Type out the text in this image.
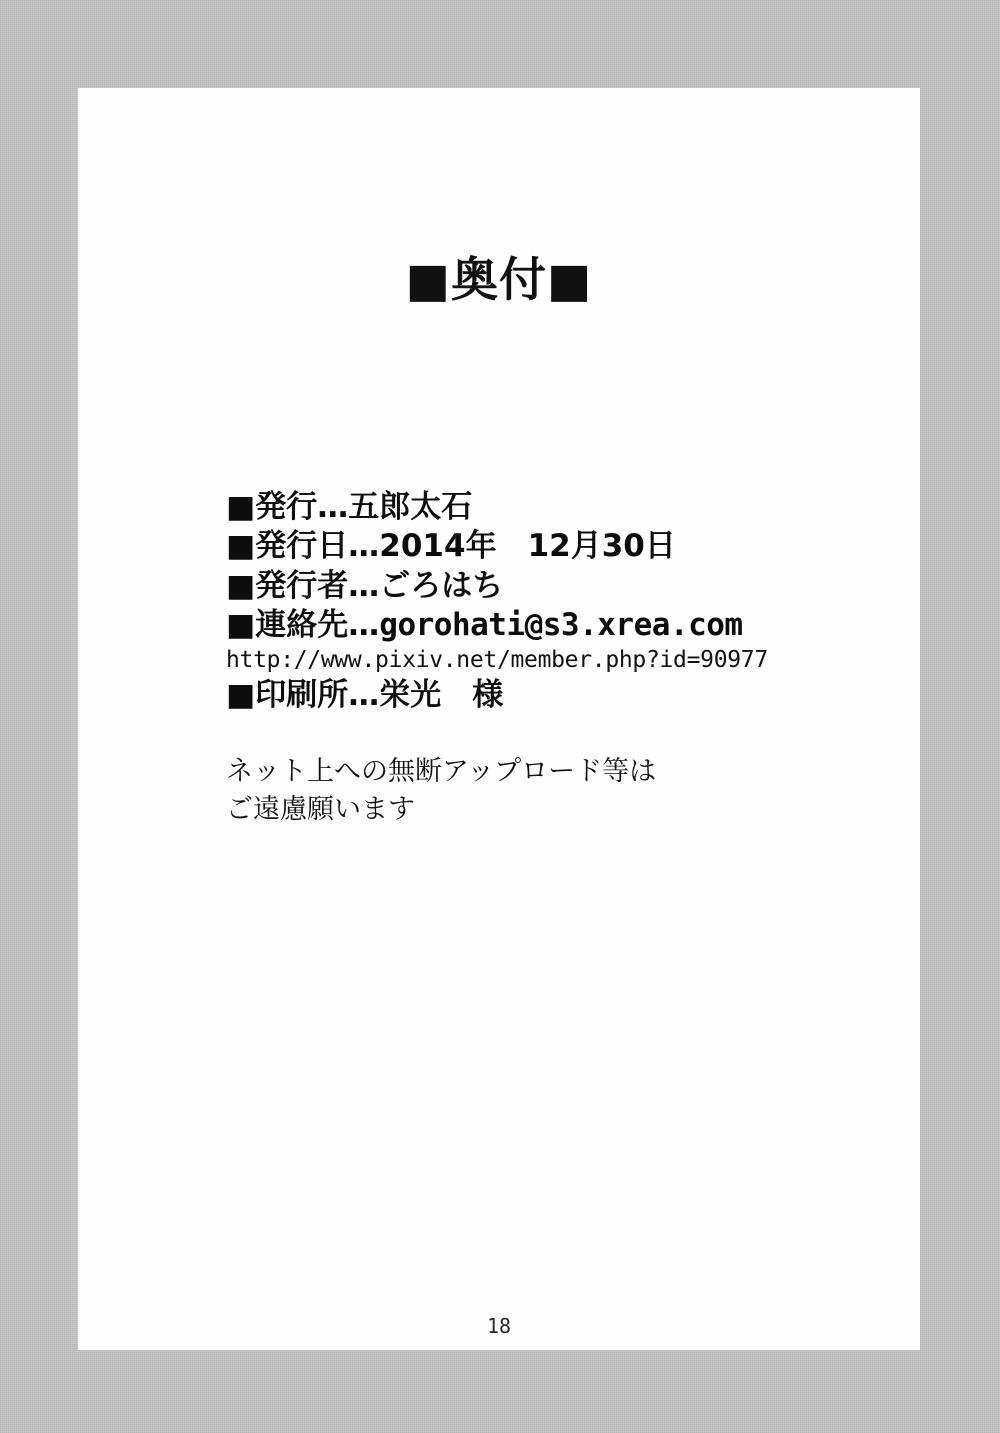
■奥付■
■発行…五郎太石
■発行日…2014年　12月30日
■発行者…ごろはち
■連絡先…gorohati@s3.xrea.com
http://www.pixiv.net/member.php?id=90977
■印刷所…栄光　様
ネット上への無断アップロード等は
ご遠慮願います
18
